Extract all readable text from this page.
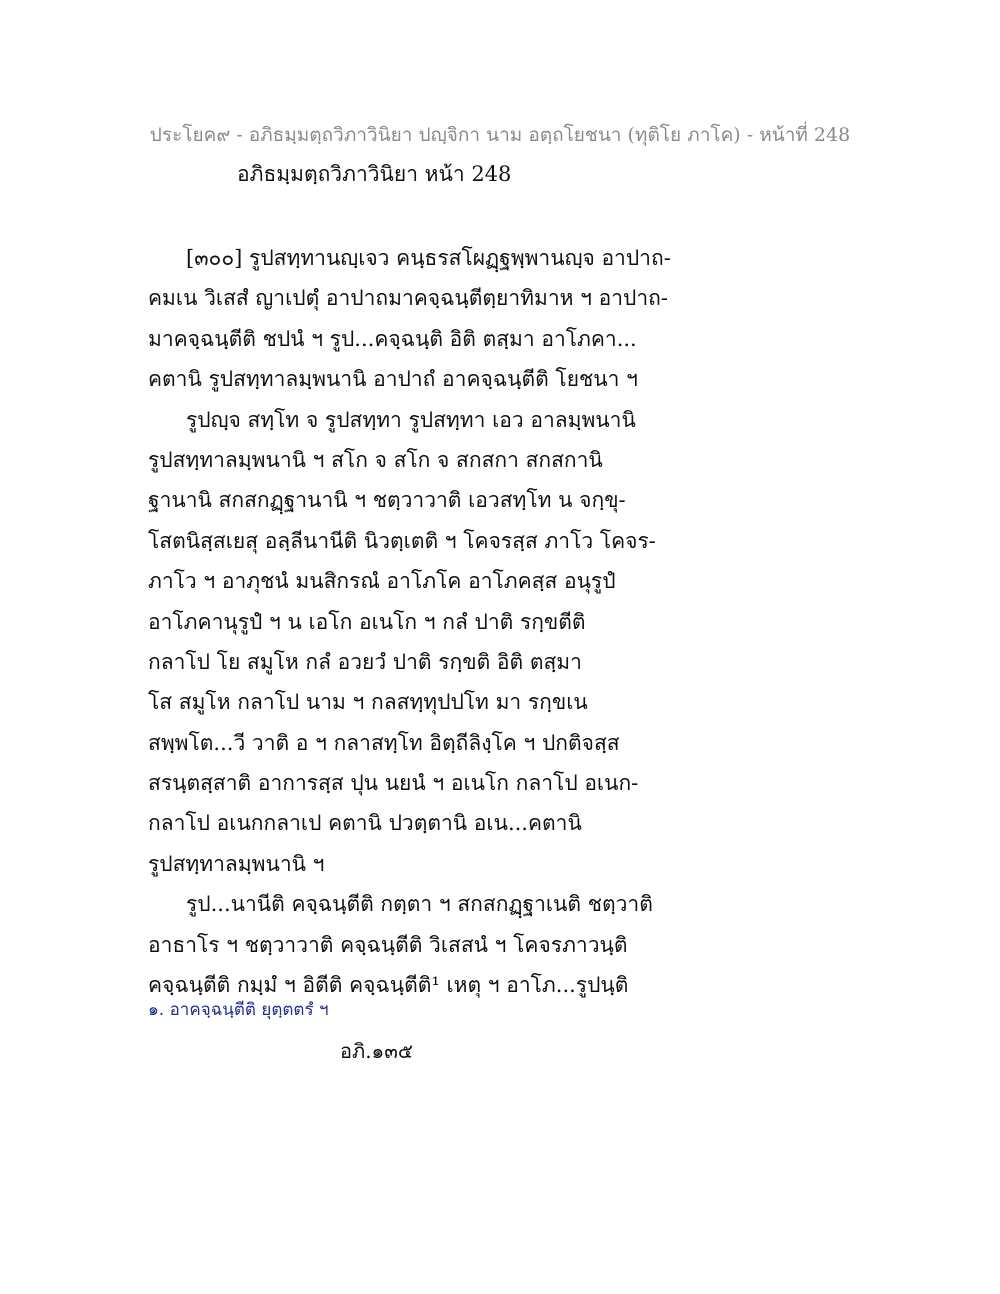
ประโยค๙ - อภิธมฺมตฺถวิภาวินิยา ปญฺจิกา นาม อตฺถโยชนา (ทุติโย ภาโค) - หน้าที่ 248
อภิธมฺมตฺถวิภาวินิยา หน้า 248
[๓๐๐] รูปสทฺทานญฺเจว คนฺธรสโผฏฺฐพฺพานญฺจ อาปาถ-
คมเน วิเสสํ ญาเปตุํ อาปาถมาคจฺฉนฺตีตฺยาทิมาห ฯ อาปาถ-
มาคจฺฉนฺตีติ ชปนํ ฯ รูป...คจฺฉนฺติ อิติ ตสฺมา อาโภคา...
คตานิ รูปสทฺทาลมฺพนานิ อาปาถํ อาคจฺฉนฺตีติ โยชนา ฯ
รูปญฺจ สทฺโท จ รูปสทฺทา รูปสทฺทา เอว อาลมฺพนานิ
รูปสทฺทาลมฺพนานิ ฯ สโก จ สโก จ สกสกา สกสกานิ
ฐานานิ สกสกฏฺฐานานิ ฯ ชตฺวาวาติ เอวสทฺโท น จกฺขุ-
โสตนิสฺสเยสุ อลฺลีนานีติ นิวตฺเตติ ฯ โคจรสฺส ภาโว โคจร-
ภาโว ฯ อาภุชนํ มนสิกรณํ อาโภโค อาโภคสฺส อนุรูปํ
อาโภคานุรูปํ ฯ น เอโก อเนโก ฯ กลํ ปาติ รกฺขตีติ
กลาโป โย สมูโห กลํ อวยวํ ปาติ รกฺขติ อิติ ตสฺมา
โส สมูโห กลาโป นาม ฯ กลสทฺทุปปโท มา รกฺขเน
สพฺพโต...วี วาติ อ ฯ กลาสทฺโท อิตฺถีลิงฺโค ฯ ปกติจสฺส
สรนฺตสฺสาติ อาการสฺส ปุน นยนํ ฯ อเนโก กลาโป อเนก-
กลาโป อเนกกลาเป คตานิ ปวตฺตานิ อเน...คตานิ
รูปสทฺทาลมฺพนานิ ฯ
รูป...นานีติ คจฺฉนฺตีติ กตฺตา ฯ สกสกฏฺฐาเนติ ชตฺวาติ
อาธาโร ฯ ชตฺวาวาติ คจฺฉนฺตีติ วิเสสนํ ฯ โคจรภาวนฺติ
คจฺฉนฺตีติ กมฺมํ ฯ อิตีติ คจฺฉนฺตีติ¹ เหตุ ฯ อาโภ...รูปนฺติ
๑. อาคจฺฉนฺตีติ ยุตฺตตรํ ฯ
อภิ.๑๓๕
